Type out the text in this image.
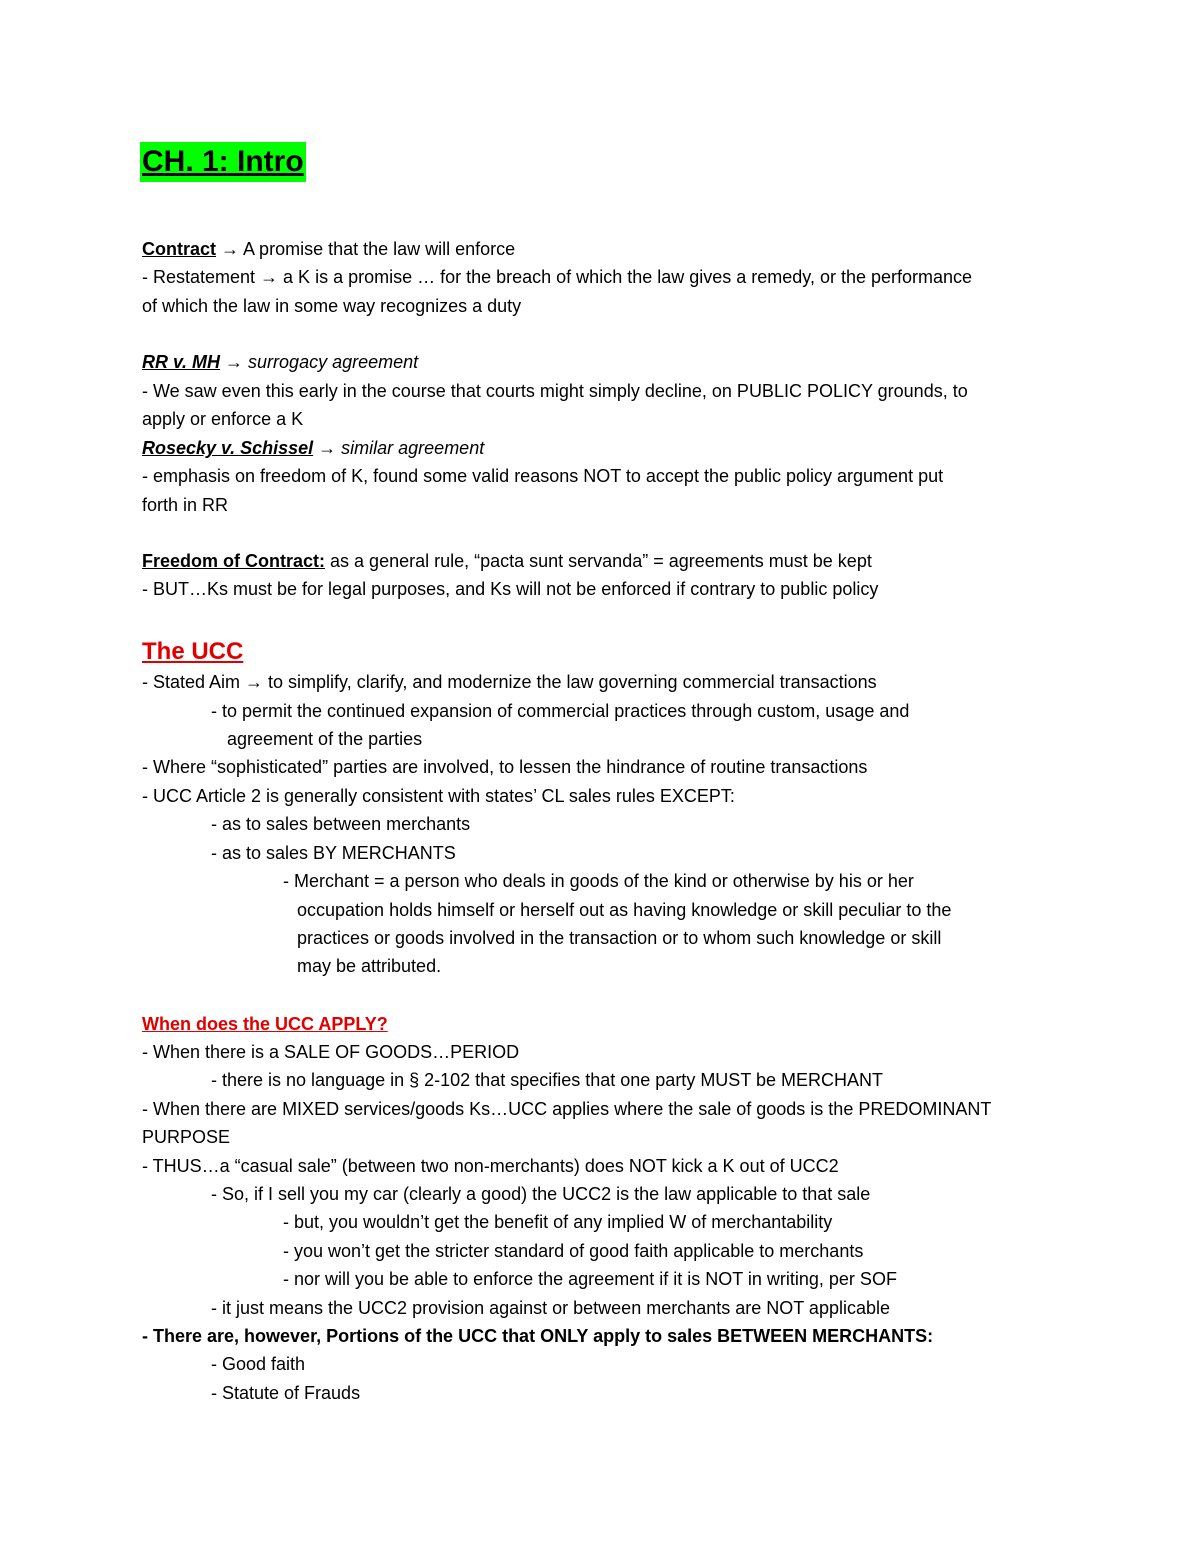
CH. 1: Intro
Contract → A promise that the law will enforce
- Restatement → a K is a promise … for the breach of which the law gives a remedy, or the performance
of which the law in some way recognizes a duty
RR v. MH → surrogacy agreement
- We saw even this early in the course that courts might simply decline, on PUBLIC POLICY grounds, to
apply or enforce a K
Rosecky v. Schissel → similar agreement
- emphasis on freedom of K, found some valid reasons NOT to accept the public policy argument put
forth in RR
Freedom of Contract: as a general rule, “pacta sunt servanda” = agreements must be kept
- BUT…Ks must be for legal purposes, and Ks will not be enforced if contrary to public policy
The UCC
- Stated Aim → to simplify, clarify, and modernize the law governing commercial transactions
- to permit the continued expansion of commercial practices through custom, usage and
agreement of the parties
- Where “sophisticated” parties are involved, to lessen the hindrance of routine transactions
- UCC Article 2 is generally consistent with states’ CL sales rules EXCEPT:
- as to sales between merchants
- as to sales BY MERCHANTS
- Merchant = a person who deals in goods of the kind or otherwise by his or her
occupation holds himself or herself out as having knowledge or skill peculiar to the
practices or goods involved in the transaction or to whom such knowledge or skill
may be attributed.
When does the UCC APPLY?
- When there is a SALE OF GOODS…PERIOD
- there is no language in § 2-102 that specifies that one party MUST be MERCHANT
- When there are MIXED services/goods Ks…UCC applies where the sale of goods is the PREDOMINANT
PURPOSE
- THUS…a “casual sale” (between two non-merchants) does NOT kick a K out of UCC2
- So, if I sell you my car (clearly a good) the UCC2 is the law applicable to that sale
- but, you wouldn’t get the benefit of any implied W of merchantability
- you won’t get the stricter standard of good faith applicable to merchants
- nor will you be able to enforce the agreement if it is NOT in writing, per SOF
- it just means the UCC2 provision against or between merchants are NOT applicable
- There are, however, Portions of the UCC that ONLY apply to sales BETWEEN MERCHANTS:
- Good faith
- Statute of Frauds
